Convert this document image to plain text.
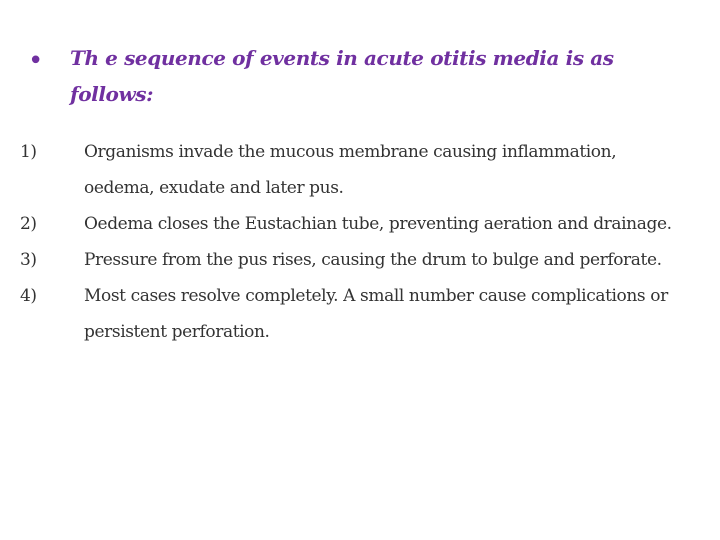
• Th e sequence of events in acute otitis media is as follows:

1)	Organisms invade the mucous membrane causing inflammation, oedema, exudate and later pus.
2)	Oedema closes the Eustachian tube, preventing aeration and drainage.
3)	Pressure from the pus rises, causing the drum to bulge and perforate.
4)	Most cases resolve completely. A small number cause complications or persistent perforation.
